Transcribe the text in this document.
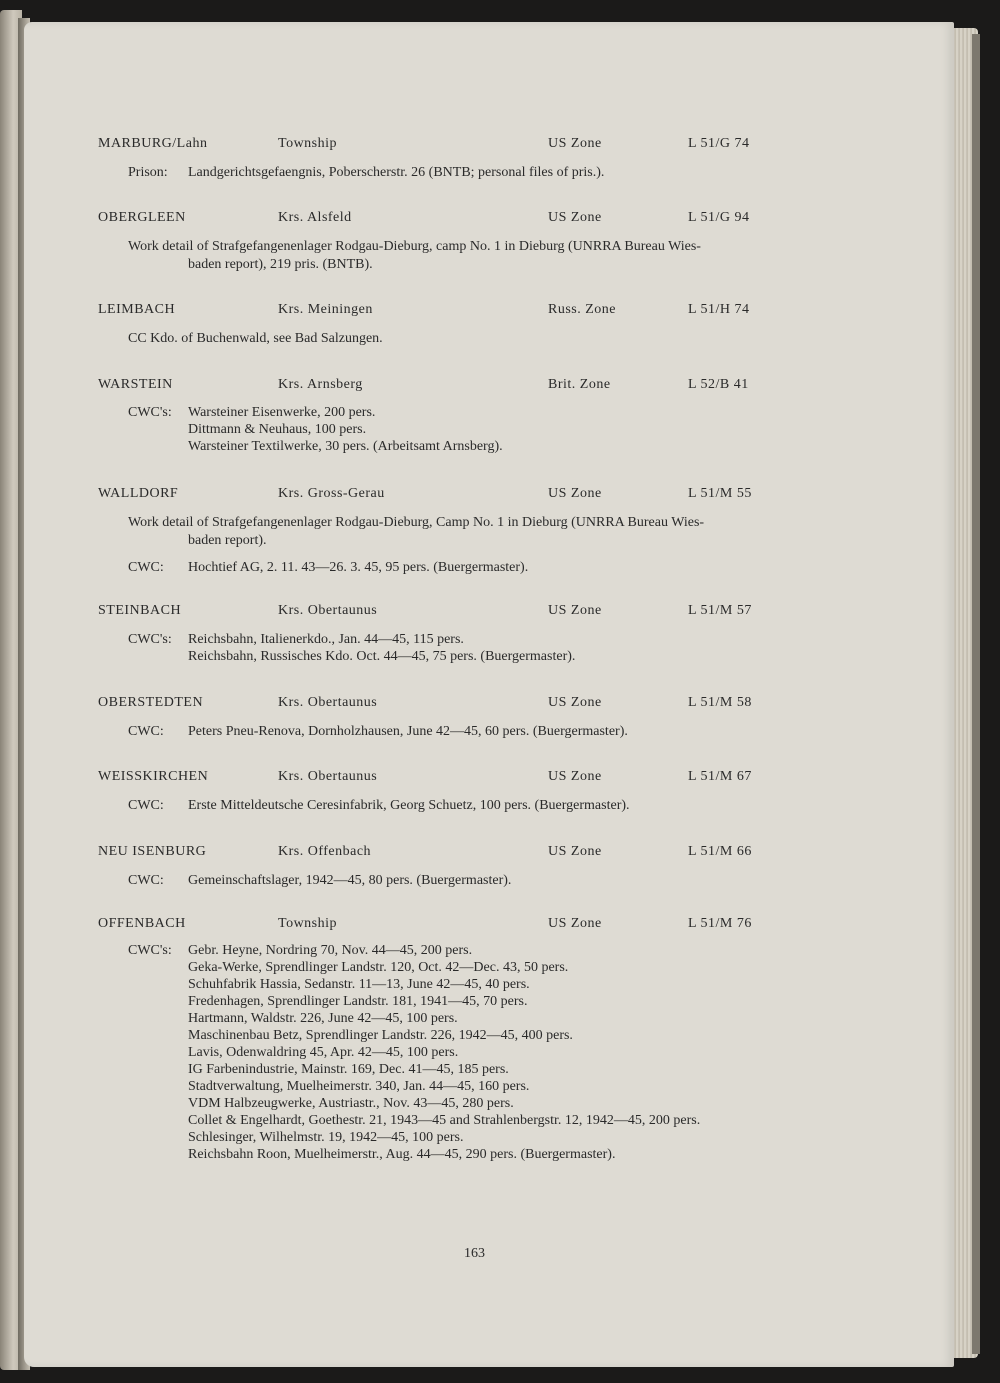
MARBURG/Lahn	Township	US Zone	L 51/G 74
Prison:	Landgerichtsgefaengnis, Poberscherstr. 26 (BNTB; personal files of pris.).
OBERGLEEN	Krs. Alsfeld	US Zone	L 51/G 94
Work detail of Strafgefangenenlager Rodgau-Dieburg, camp No. 1 in Dieburg (UNRRA Bureau Wies-
baden report), 219 pris. (BNTB).
LEIMBACH	Krs. Meiningen	Russ. Zone	L 51/H 74
CC Kdo. of Buchenwald, see Bad Salzungen.
WARSTEIN	Krs. Arnsberg	Brit. Zone	L 52/B 41
CWC's:	Warsteiner Eisenwerke, 200 pers.
Dittmann & Neuhaus, 100 pers.
Warsteiner Textilwerke, 30 pers. (Arbeitsamt Arnsberg).
WALLDORF	Krs. Gross-Gerau	US Zone	L 51/M 55
Work detail of Strafgefangenenlager Rodgau-Dieburg, Camp No. 1 in Dieburg (UNRRA Bureau Wies-
baden report).
CWC:	Hochtief AG, 2. 11. 43—26. 3. 45, 95 pers. (Buergermaster).
STEINBACH	Krs. Obertaunus	US Zone	L 51/M 57
CWC's:	Reichsbahn, Italienerkdo., Jan. 44—45, 115 pers.
Reichsbahn, Russisches Kdo. Oct. 44—45, 75 pers. (Buergermaster).
OBERSTEDTEN	Krs. Obertaunus	US Zone	L 51/M 58
CWC:	Peters Pneu-Renova, Dornholzhausen, June 42—45, 60 pers. (Buergermaster).
WEISSKIRCHEN	Krs. Obertaunus	US Zone	L 51/M 67
CWC:	Erste Mitteldeutsche Ceresinfabrik, Georg Schuetz, 100 pers. (Buergermaster).
NEU ISENBURG	Krs. Offenbach	US Zone	L 51/M 66
CWC:	Gemeinschaftslager, 1942—45, 80 pers. (Buergermaster).
OFFENBACH	Township	US Zone	L 51/M 76
CWC's:	Gebr. Heyne, Nordring 70, Nov. 44—45, 200 pers.
Geka-Werke, Sprendlinger Landstr. 120, Oct. 42—Dec. 43, 50 pers.
Schuhfabrik Hassia, Sedanstr. 11—13, June 42—45, 40 pers.
Fredenhagen, Sprendlinger Landstr. 181, 1941—45, 70 pers.
Hartmann, Waldstr. 226, June 42—45, 100 pers.
Maschinenbau Betz, Sprendlinger Landstr. 226, 1942—45, 400 pers.
Lavis, Odenwaldring 45, Apr. 42—45, 100 pers.
IG Farbenindustrie, Mainstr. 169, Dec. 41—45, 185 pers.
Stadtverwaltung, Muelheimerstr. 340, Jan. 44—45, 160 pers.
VDM Halbzeugwerke, Austriastr., Nov. 43—45, 280 pers.
Collet & Engelhardt, Goethestr. 21, 1943—45 and Strahlenbergstr. 12, 1942—45, 200 pers.
Schlesinger, Wilhelmstr. 19, 1942—45, 100 pers.
Reichsbahn Roon, Muelheimerstr., Aug. 44—45, 290 pers. (Buergermaster).
163
